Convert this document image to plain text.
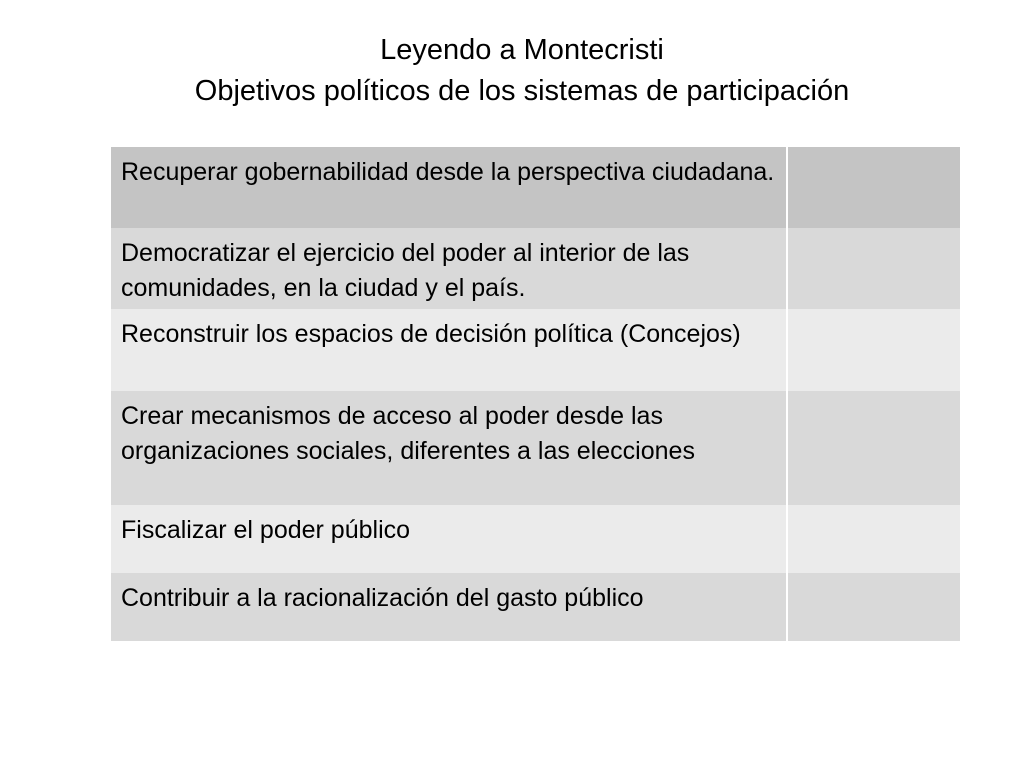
Leyendo a Montecristi
Objetivos políticos de los sistemas de participación
Recuperar gobernabilidad desde la perspectiva ciudadana.	
Democratizar el ejercicio del poder al interior de las comunidades, en la ciudad y el país.	
Reconstruir los espacios de decisión política (Concejos)	
Crear mecanismos de acceso al poder desde las organizaciones sociales, diferentes a las elecciones	
Fiscalizar el poder público	
Contribuir a la racionalización del gasto público	
